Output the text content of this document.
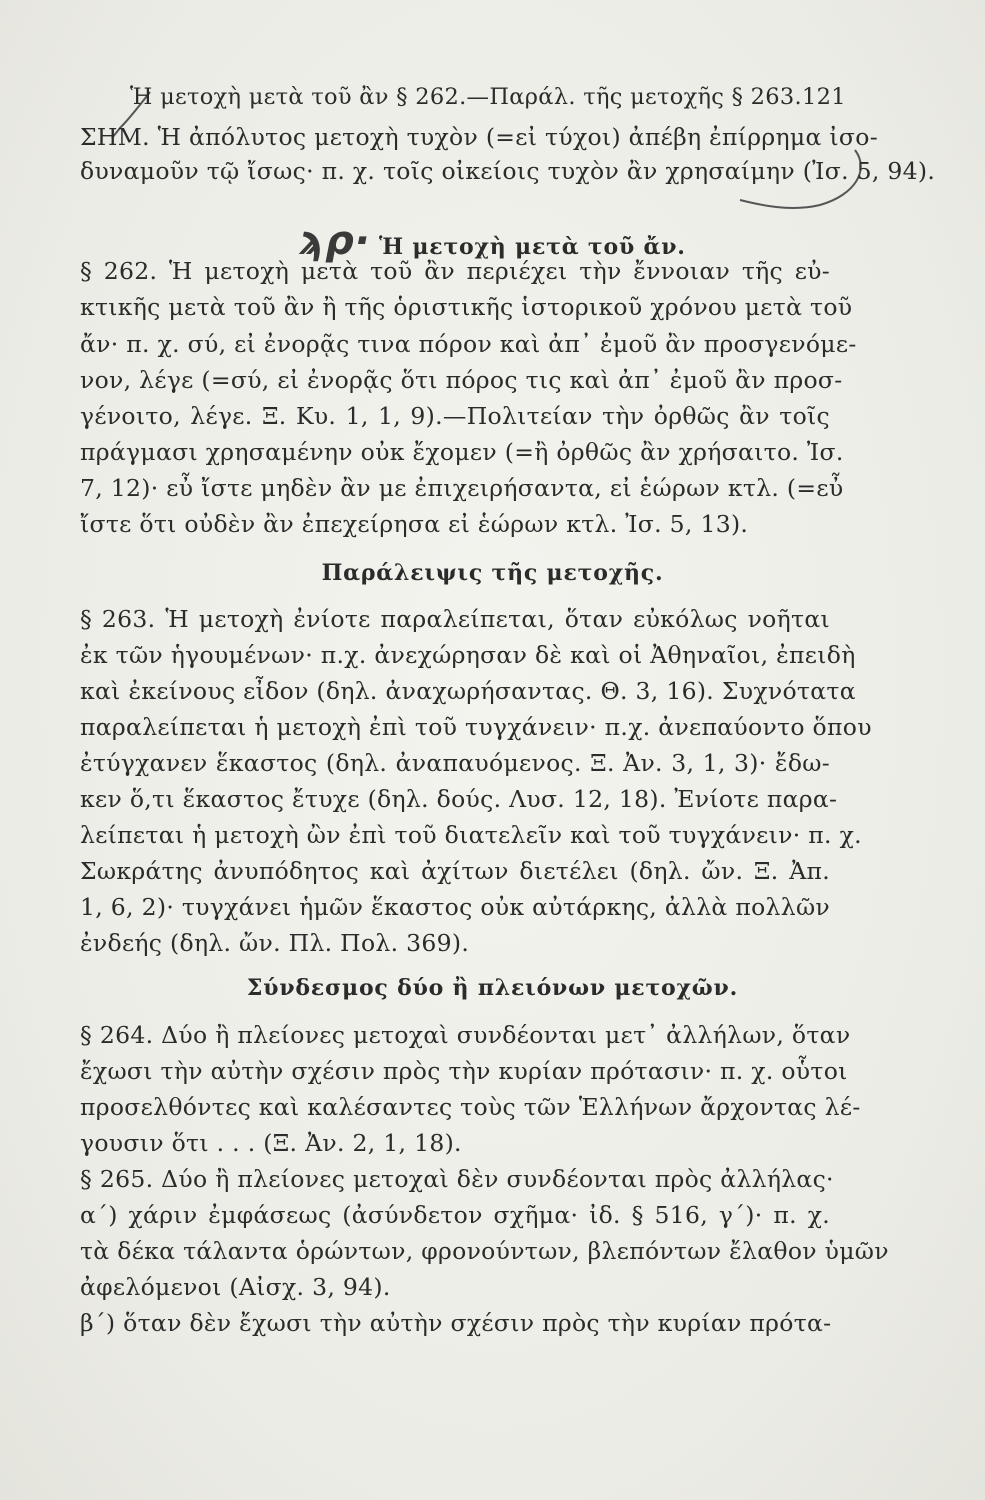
Ἡ μετοχὴ μετὰ τοῦ ἂν § 262.—Παράλ. τῆς μετοχῆς § 263. 121
ΣΗΜ. Ἡ ἀπόλυτος μετοχὴ τυχὸν (=εἰ τύχοι) ἀπέβη ἐπίρρημα ἰσο-
δυναμοῦν τῷ ἴσως· π. χ. τοῖς οἰκείοις τυχὸν ἂν χρησαίμην (Ἰσ. 5, 94).
ϡρ· Ἡ μετοχὴ μετὰ τοῦ ἄν.
§ 262. Ἡ μετοχὴ μετὰ τοῦ ἂν περιέχει τὴν ἔννοιαν τῆς εὐ-
κτικῆς μετὰ τοῦ ἂν ἢ τῆς ὁριστικῆς ἱστορικοῦ χρόνου μετὰ τοῦ
ἄν· π. χ. σύ, εἰ ἐνορᾷς τινα πόρον καὶ ἀπ᾿ ἐμοῦ ἂν προσγενόμε-
νον, λέγε (=σύ, εἰ ἐνορᾷς ὅτι πόρος τις καὶ ἀπ᾿ ἐμοῦ ἂν προσ-
γένοιτο, λέγε. Ξ. Κυ. 1, 1, 9).—Πολιτείαν τὴν ὀρθῶς ἂν τοῖς
πράγμασι χρησαμένην οὐκ ἔχομεν (=ἢ ὀρθῶς ἂν χρήσαιτο. Ἰσ.
7, 12)· εὖ ἴστε μηδὲν ἂν με ἐπιχειρήσαντα, εἰ ἑώρων κτλ. (=εὖ
ἴστε ὅτι οὐδὲν ἂν ἐπεχείρησα εἰ ἑώρων κτλ. Ἰσ. 5, 13).
Παράλειψις τῆς μετοχῆς.
§ 263. Ἡ μετοχὴ ἐνίοτε παραλείπεται, ὅταν εὐκόλως νοῆται
ἐκ τῶν ἡγουμένων· π.χ. ἀνεχώρησαν δὲ καὶ οἱ Ἀθηναῖοι, ἐπειδὴ
καὶ ἐκείνους εἶδον (δηλ. ἀναχωρήσαντας. Θ. 3, 16). Συχνότατα
παραλείπεται ἡ μετοχὴ ἐπὶ τοῦ τυγχάνειν· π.χ. ἀνεπαύοντο ὅπου
ἐτύγχανεν ἕκαστος (δηλ. ἀναπαυόμενος. Ξ. Ἀν. 3, 1, 3)· ἔδω-
κεν ὅ,τι ἕκαστος ἔτυχε (δηλ. δούς. Λυσ. 12, 18). Ἐνίοτε παρα-
λείπεται ἡ μετοχὴ ὢν ἐπὶ τοῦ διατελεῖν καὶ τοῦ τυγχάνειν· π. χ.
Σωκράτης ἀνυπόδητος καὶ ἀχίτων διετέλει (δηλ. ὤν. Ξ. Ἀπ.
1, 6, 2)· τυγχάνει ἡμῶν ἕκαστος οὐκ αὐτάρκης, ἀλλὰ πολλῶν
ἐνδεής (δηλ. ὤν. Πλ. Πολ. 369).
Σύνδεσμος δύο ἢ πλειόνων μετοχῶν.
§ 264. Δύο ἢ πλείονες μετοχαὶ συνδέονται μετ᾿ ἀλλήλων, ὅταν
ἔχωσι τὴν αὐτὴν σχέσιν πρὸς τὴν κυρίαν πρότασιν· π. χ. οὗτοι
προσελθόντες καὶ καλέσαντες τοὺς τῶν Ἑλλήνων ἄρχοντας λέ-
γουσιν ὅτι . . . (Ξ. Ἀν. 2, 1, 18).
§ 265. Δύο ἢ πλείονες μετοχαὶ δὲν συνδέονται πρὸς ἀλλήλας·
α΄) χάριν ἐμφάσεως (ἀσύνδετον σχῆμα· ἰδ. § 516, γ΄)· π. χ.
τὰ δέκα τάλαντα ὁρώντων, φρονούντων, βλεπόντων ἔλαθον ὑμῶν
ἀφελόμενοι (Αἰσχ. 3, 94).
β΄) ὅταν δὲν ἔχωσι τὴν αὐτὴν σχέσιν πρὸς τὴν κυρίαν πρότα-
